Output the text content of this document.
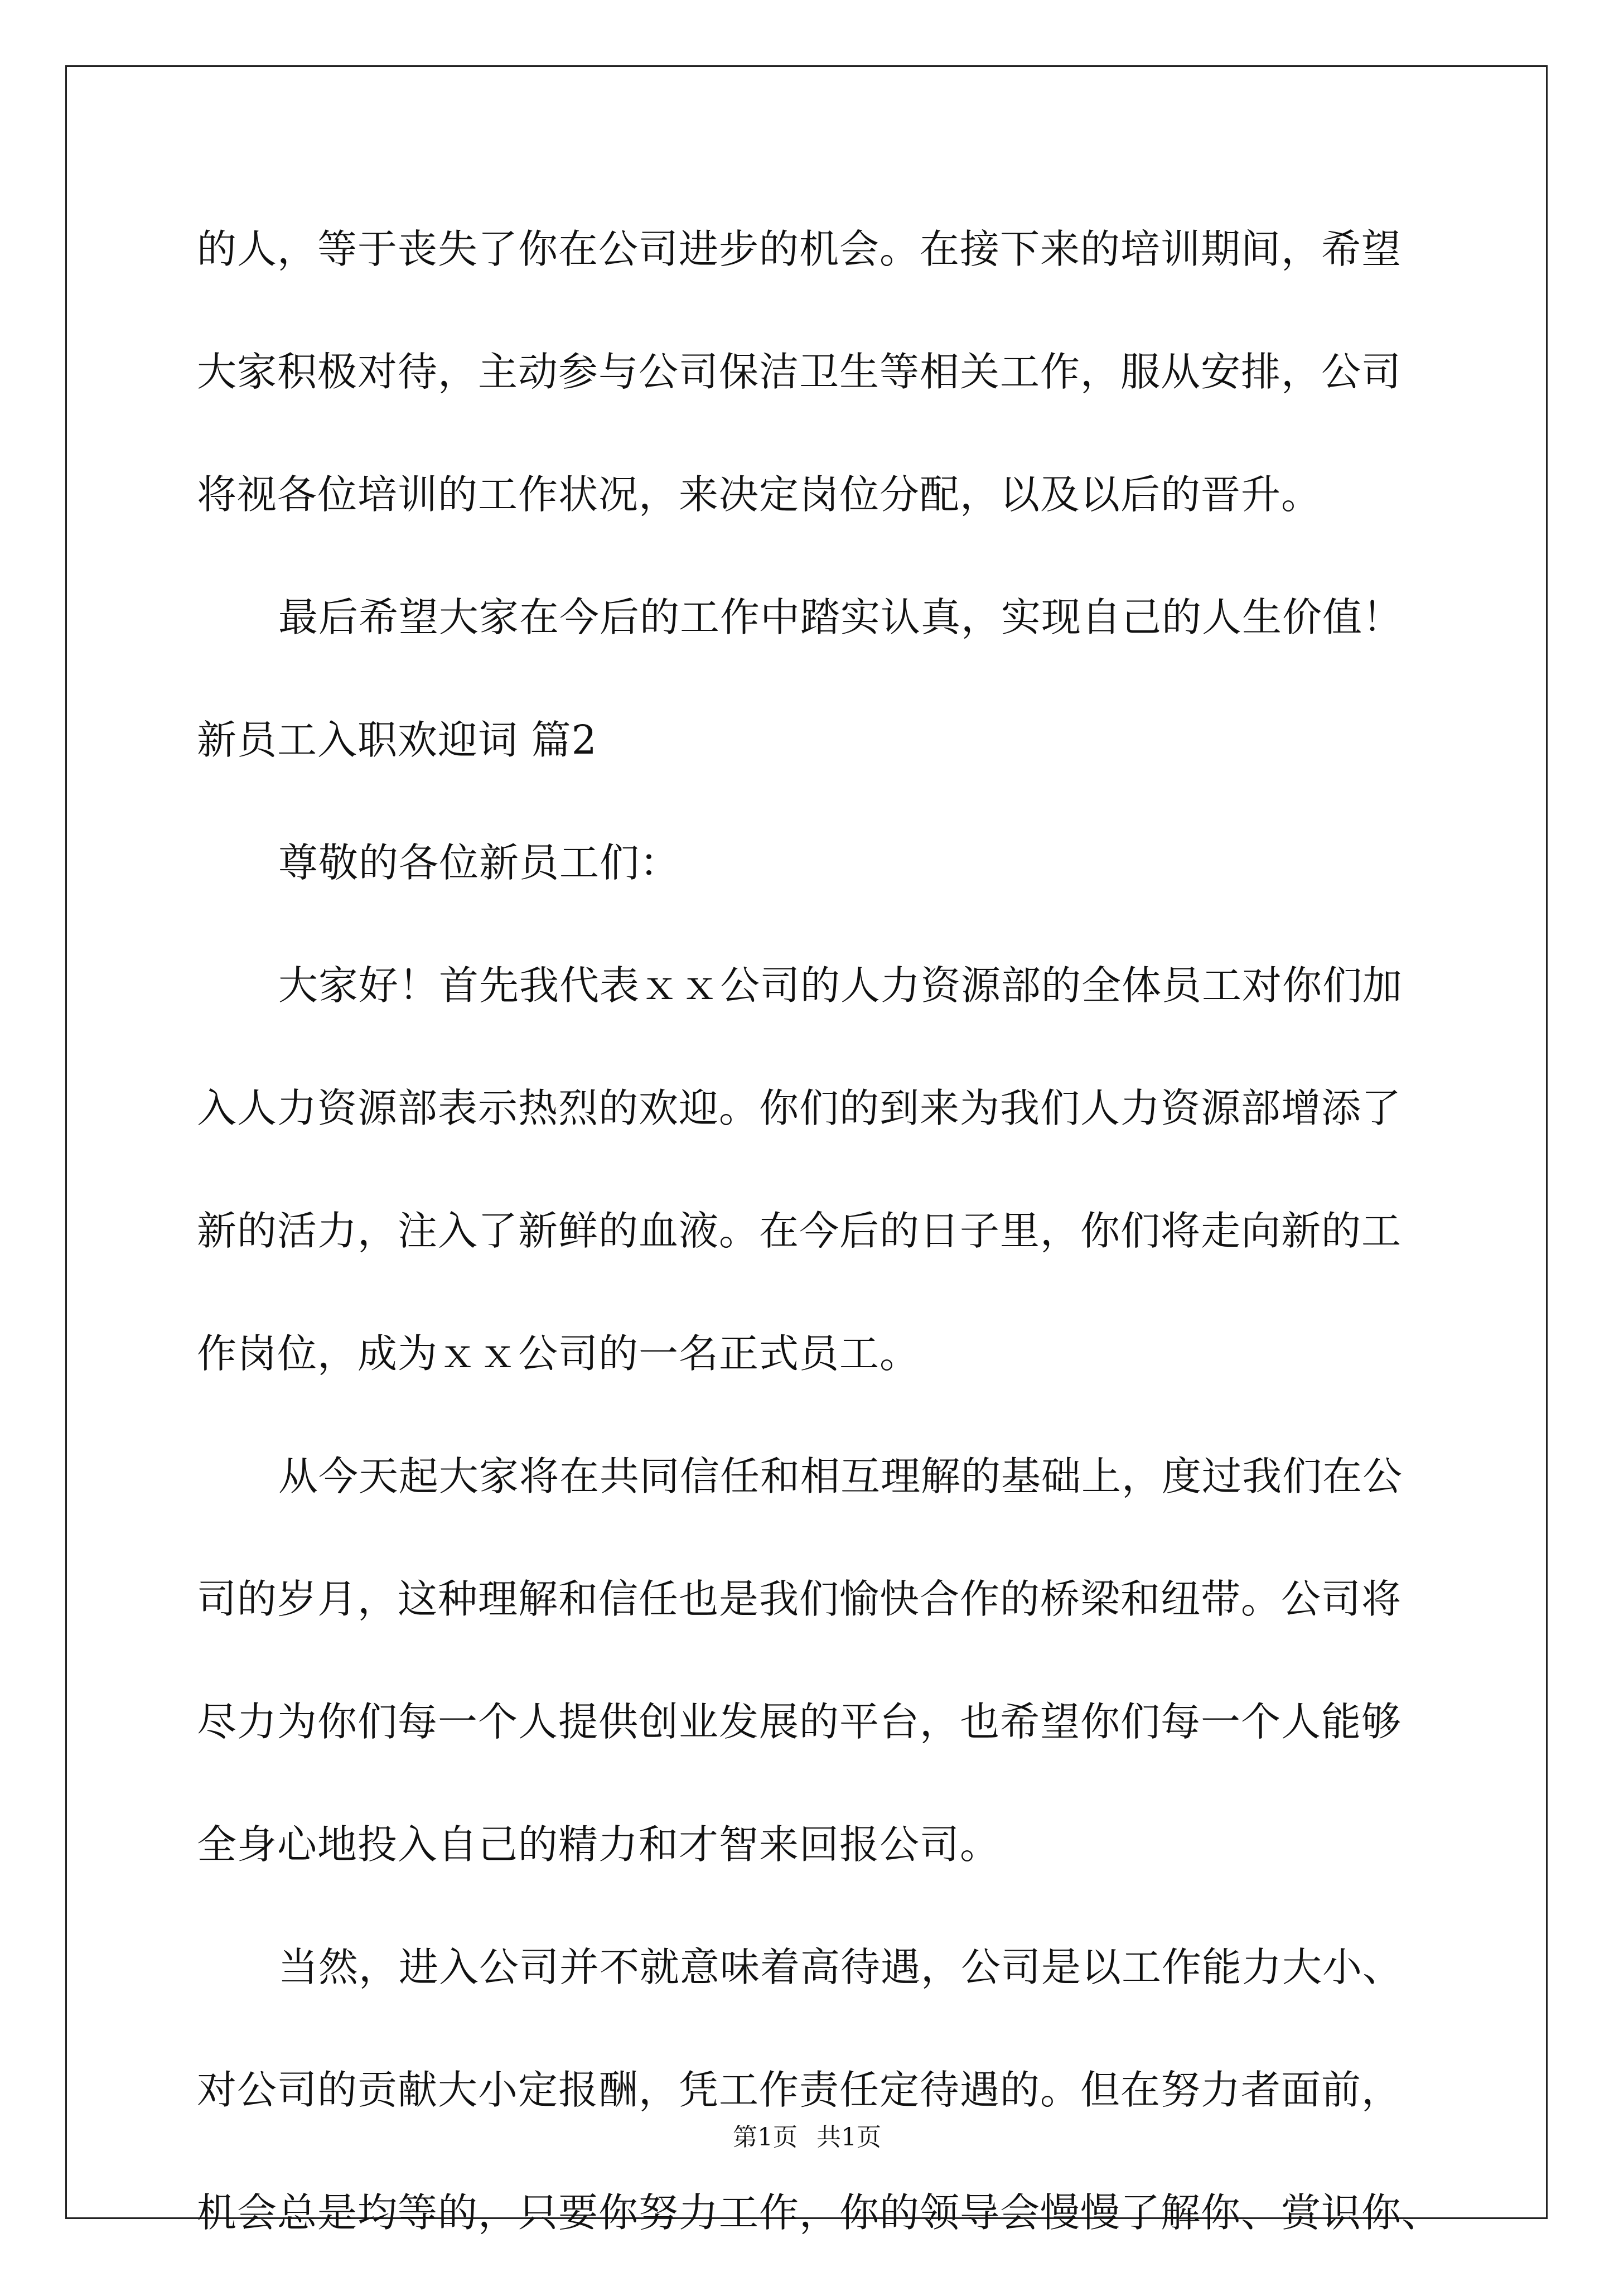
的人，等于丧失了你在公司进步的机会。在接下来的培训期间，希望
大家积极对待，主动参与公司保洁卫生等相关工作，服从安排，公司
将视各位培训的工作状况，来决定岗位分配，以及以后的晋升。
最后希望大家在今后的工作中踏实认真，实现自己的人生价值！
新员工入职欢迎词 篇2
尊敬的各位新员工们：
大家好！首先我代表ｘｘ公司的人力资源部的全体员工对你们加
入人力资源部表示热烈的欢迎。你们的到来为我们人力资源部增添了
新的活力，注入了新鲜的血液。在今后的日子里，你们将走向新的工
作岗位，成为ｘｘ公司的一名正式员工。
从今天起大家将在共同信任和相互理解的基础上，度过我们在公
司的岁月，这种理解和信任也是我们愉快合作的桥梁和纽带。公司将
尽力为你们每一个人提供创业发展的平台，也希望你们每一个人能够
全身心地投入自己的精力和才智来回报公司。
当然，进入公司并不就意味着高待遇，公司是以工作能力大小、
对公司的贡献大小定报酬，凭工作责任定待遇的。但在努力者面前，
机会总是均等的，只要你努力工作，你的领导会慢慢了解你、赏识你、
第1页 共1页
